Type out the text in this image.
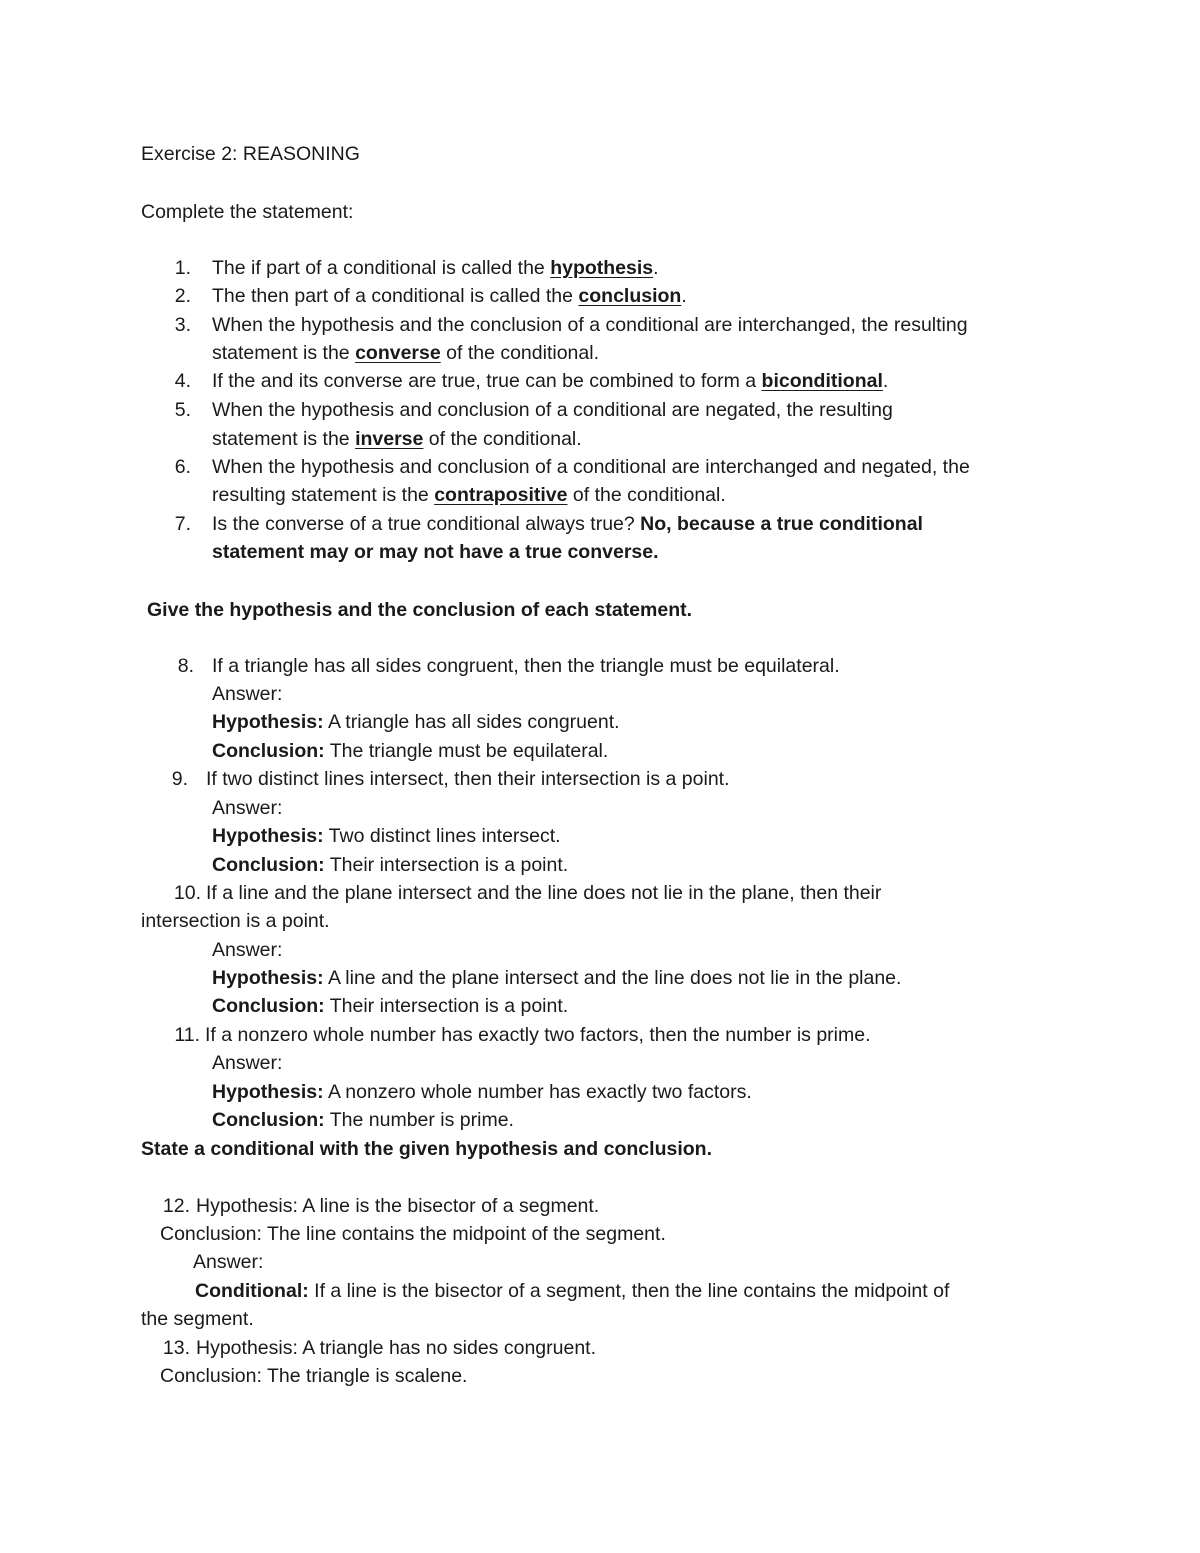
Exercise 2: REASONING
Complete the statement:
1. The if part of a conditional is called the hypothesis.
2. The then part of a conditional is called the conclusion.
3. When the hypothesis and the conclusion of a conditional are interchanged, the resulting
statement is the converse of the conditional.
4. If the and its converse are true, true can be combined to form a biconditional.
5. When the hypothesis and conclusion of a conditional are negated, the resulting
statement is the inverse of the conditional.
6. When the hypothesis and conclusion of a conditional are interchanged and negated, the
resulting statement is the contrapositive of the conditional.
7. Is the converse of a true conditional always true? No, because a true conditional
statement may or may not have a true converse.
Give the hypothesis and the conclusion of each statement.
8. If a triangle has all sides congruent, then the triangle must be equilateral.
Answer:
Hypothesis: A triangle has all sides congruent.
Conclusion: The triangle must be equilateral.
9. If two distinct lines intersect, then their intersection is a point.
Answer:
Hypothesis: Two distinct lines intersect.
Conclusion: Their intersection is a point.
10. If a line and the plane intersect and the line does not lie in the plane, then their
intersection is a point.
Answer:
Hypothesis: A line and the plane intersect and the line does not lie in the plane.
Conclusion: Their intersection is a point.
11. If a nonzero whole number has exactly two factors, then the number is prime.
Answer:
Hypothesis: A nonzero whole number has exactly two factors.
Conclusion: The number is prime.
State a conditional with the given hypothesis and conclusion.
12. Hypothesis: A line is the bisector of a segment.
Conclusion: The line contains the midpoint of the segment.
Answer:
Conditional: If a line is the bisector of a segment, then the line contains the midpoint of
the segment.
13. Hypothesis: A triangle has no sides congruent.
Conclusion: The triangle is scalene.
